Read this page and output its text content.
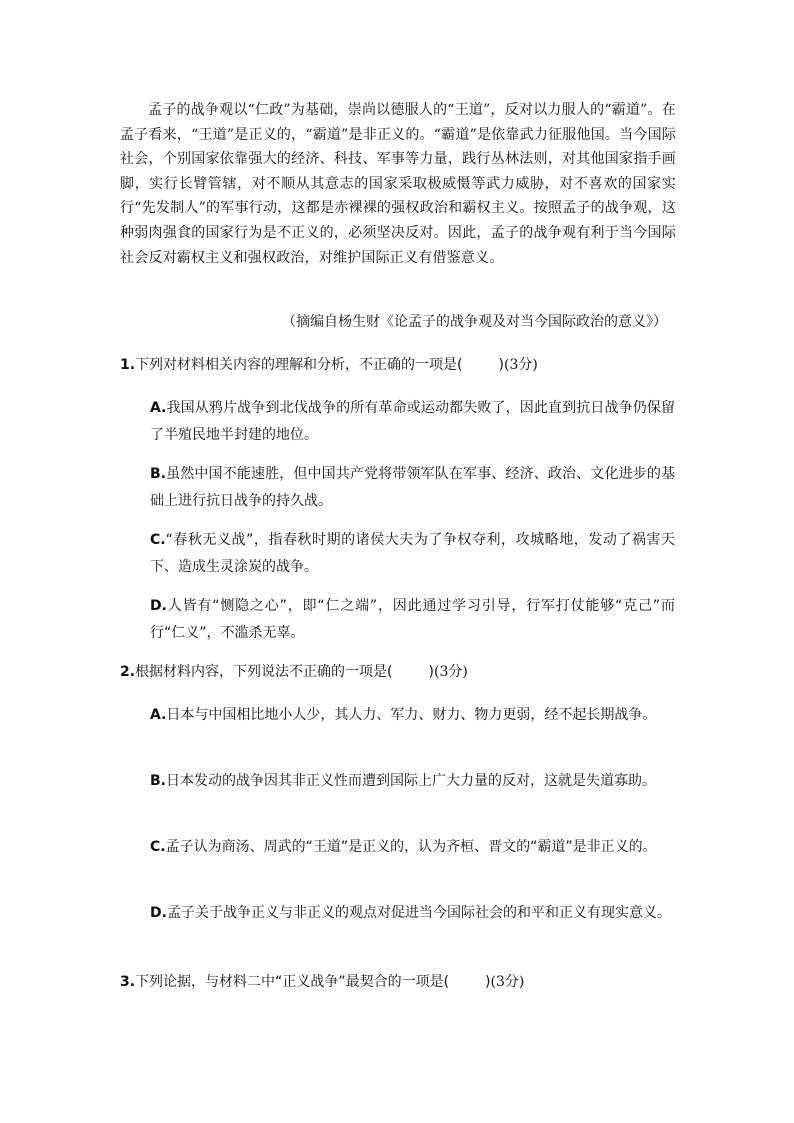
孟子的战争观以“仁政”为基础，崇尚以德服人的“王道”，反对以力服人的“霸道”。在孟子看来，“王道”是正义的，“霸道”是非正义的。“霸道”是依靠武力征服他国。当今国际社会，个别国家依靠强大的经济、科技、军事等力量，践行丛林法则，对其他国家指手画脚，实行长臂管辖，对不顺从其意志的国家采取极威慑等武力威胁，对不喜欢的国家实行“先发制人”的军事行动，这都是赤裸裸的强权政治和霸权主义。按照孟子的战争观，这种弱肉强食的国家行为是不正义的，必须坚决反对。因此，孟子的战争观有利于当今国际社会反对霸权主义和强权政治，对维护国际正义有借鉴意义。

（摘编自杨生财《论孟子的战争观及对当今国际政治的意义》）

1.下列对材料相关内容的理解和分析，不正确的一项是(	)(3分)

A.我国从鸦片战争到北伐战争的所有革命或运动都失败了，因此直到抗日战争仍保留了半殖民地半封建的地位。

B.虽然中国不能速胜，但中国共产党将带领军队在军事、经济、政治、文化进步的基础上进行抗日战争的持久战。

C.“春秋无义战”，指春秋时期的诸侯大夫为了争权夺利，攻城略地，发动了祸害天下、造成生灵涂炭的战争。

D.人皆有“恻隐之心”，即“仁之端”，因此通过学习引导，行军打仗能够“克己”而行“仁义”，不滥杀无辜。

2.根据材料内容，下列说法不正确的一项是(	)(3分)

A.日本与中国相比地小人少，其人力、军力、财力、物力更弱，经不起长期战争。

B.日本发动的战争因其非正义性而遭到国际上广大力量的反对，这就是失道寡助。

C.孟子认为商汤、周武的“王道”是正义的，认为齐桓、晋文的“霸道”是非正义的。

D.孟子关于战争正义与非正义的观点对促进当今国际社会的和平和正义有现实意义。

3.下列论据，与材料二中“正义战争”最契合的一项是(	)(3分)
